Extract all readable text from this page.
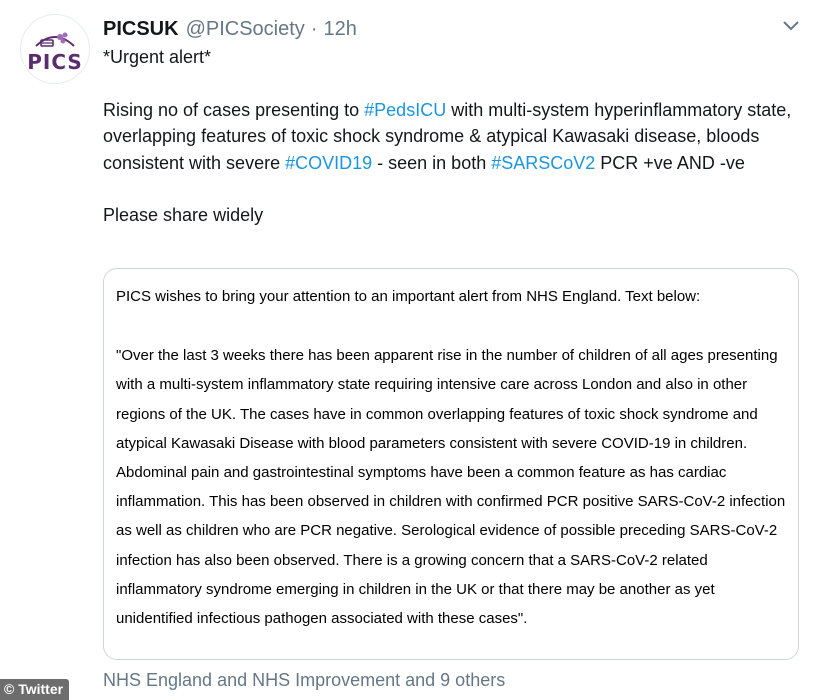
PICS
PICSUK @PICSociety · 12h

*Urgent alert*

Rising no of cases presenting to #PedsICU with multi-system hyperinflammatory state, overlapping features of toxic shock syndrome & atypical Kawasaki disease, bloods consistent with severe #COVID19 - seen in both #SARSCoV2 PCR +ve AND -ve

Please share widely

PICS wishes to bring your attention to an important alert from NHS England. Text below:

"Over the last 3 weeks there has been apparent rise in the number of children of all ages presenting with a multi-system inflammatory state requiring intensive care across London and also in other regions of the UK. The cases have in common overlapping features of toxic shock syndrome and atypical Kawasaki Disease with blood parameters consistent with severe COVID-19 in children. Abdominal pain and gastrointestinal symptoms have been a common feature as has cardiac inflammation. This has been observed in children with confirmed PCR positive SARS-CoV-2 infection as well as children who are PCR negative. Serological evidence of possible preceding SARS-CoV-2 infection has also been observed. There is a growing concern that a SARS-CoV-2 related inflammatory syndrome emerging in children in the UK or that there may be another as yet unidentified infectious pathogen associated with these cases".

NHS England and NHS Improvement and 9 others
© Twitter
